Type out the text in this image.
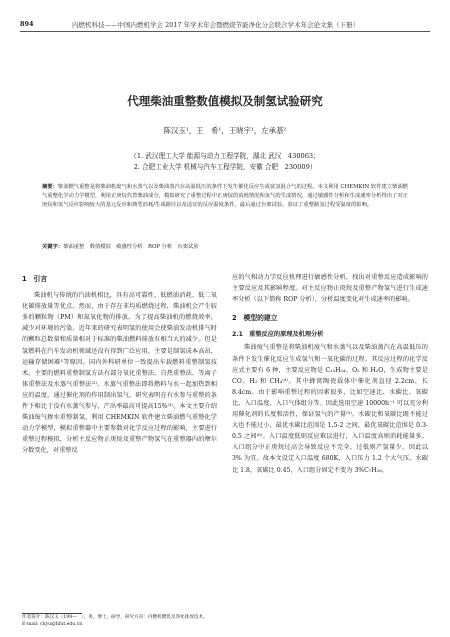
894	内燃机科技——中国内燃机学会 2017 年学术年会暨燃烧节能净化分会联合学术年会论文集（下册）
代理柴油重整数值模拟及制氢试验研究
陈汉玉¹，王　希¹，王晓宇¹，左承基²
（1. 武汉理工大学 能源与动力工程学院，湖北 武汉　430063；
2. 合肥工业大学 机械与汽车工程学院，安徽 合肥　230009）
摘要：柴油燃气重整是将柴油机废气和水蒸气以及柴油蒸汽在高温低压的条件下发生催化反应生成富氢混合气的过程。本文利用 CHEMKIN 软件建立柴油燃气重整化学动力学模型，利用正庚烷代替柴油成分，模拟研究了重整过程中正庚烷的消耗情况和氢气的生成情况，通过敏感性分析和生成速率分析得出了对正庚烷和氢气反应影响较大的基元反应和典型消耗/生成路径以及适宜的反应温度条件，最后通过台架试验，验证了重整制氢过程受温度的影响。
关键字：柴油重整　数值模拟　敏感性分析　ROP 分析　台架试验
1　引言

柴油机与传统的汽油机相比，具有高可靠性、低燃油消耗、低二氧化碳排放量等优点。然而，由于存在非均质燃烧过程，柴油机会产生较多的颗粒物（PM）和氮氧化物的排放。为了提高柴油机的燃烧效率，减少对环境的污染。近年来的研究表明氢的使用会使柴油发动机排气时的颗粒总数量和质量相对于标准的柴油燃料排放有相当大的减少。但是氢燃料在汽车发动机领域还没有得到广泛应用，主要是制氢成本高昂，运输存储困难¹等原因。国内外科研单位一致提出车载燃料重整制氢技术。主要的燃料重整制氢方法有部分氧化重整法、自热重整法、等离子体重整法及水蒸气重整法⁽²⁾。水蒸气重整法即将燃料与水一起加热到相应的温度，通过催化剂的作用制出氢气。研究表明在有水参与重整的条件下相比于没有水蒸气参与，产出率最高可提高15%⁽³⁾。本文主要介绍柴油废气掺水重整制氢，利用 CHEMKIN 软件建立柴油燃气重整化学动力学模型，模拟重整器中主要参数对化学反应过程的影响，主要进行重整过程模拟，分析主反应物正庚烷及重整产物氢气在重整器内的摩尔分数变化，对重整反

应的气相动力学反应机理进行敏感性分析，找出对重整反应造成影响的主要反应及其影响程度。对主反应物正庚烷及重整产物氢气进行生成速率分析（以下简称 ROP 分析），分析温度变化对生成速率的影响。

2　模型的建立
2.1　重整反应的原理及机理分析

柴油废气重整是将柴油机废气和水蒸气以及柴油蒸汽在高温低压的条件下发生催化反应生成氢气和一氧化碳的过程。其反应过程的化学反应式主要有 6 种，主要反应物是 C₁₃H₂₄、O₂ 和 H₂O，生成物主要是 CO、H₂ 和 CH₄⁽⁴⁾。其中蜂窝陶瓷载体中催化剂直径 2.2cm，长 8.4cm。由于影响重整过程的因素很多，比如空速比、水碳比、氧碳比、入口温度、入口气体组分等。因此选用空速 10000h⁻¹ 可以充分利用催化剂的长度和活性，保证氢气的产量⁽⁵⁾。水碳比和氧碳比既不能过大也不能过小，最优水碳比范围是 1.5-2 之间，最优氧碳比范围是 0.3-0.5 之间⁽⁶⁾。入口温度低则反应难以进行，入口温度高则消耗能量多。入口组分中正庚烷过高会导致反应不完全，过低则产氢量少。因此以 3% 为宜。故本文设定入口温度 680K，入口压力 1.2 个大气压，水碳比 1.8，氧碳比 0.45，入口组分固定不变为 3%C₇H₁₆，

作者简介：陈汉玉（199—　），男，博士，硕导，研究方向：内燃机燃烧及净化排放技术。
E-mail: chyu@hfut.edu.cn
